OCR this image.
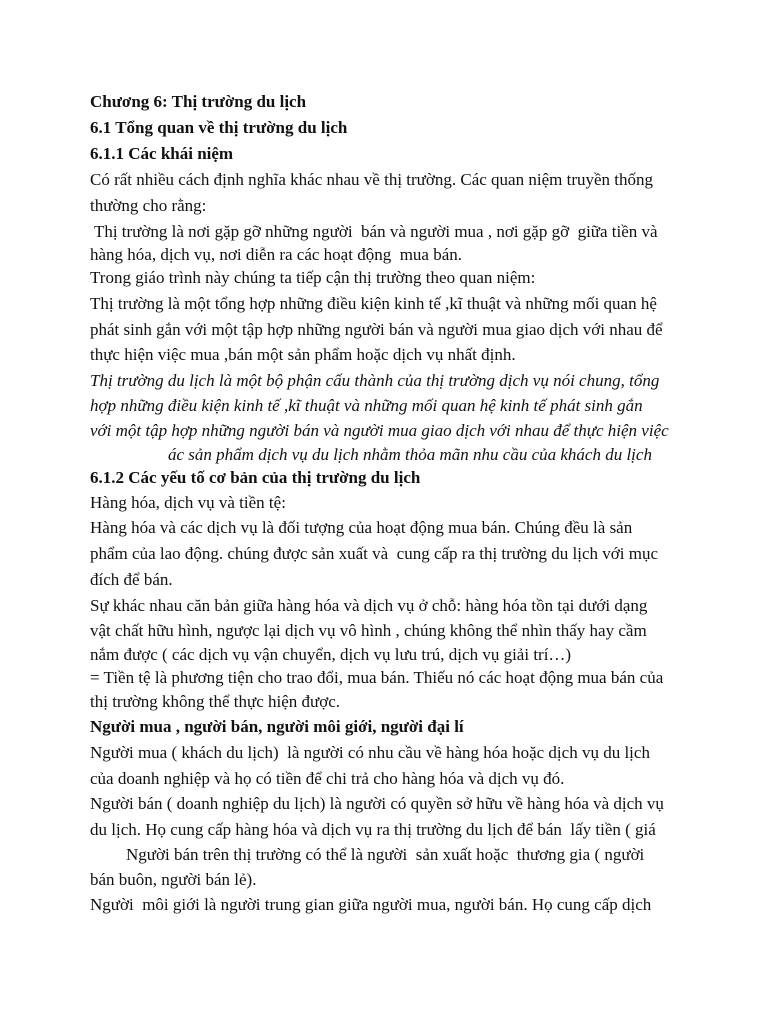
Chương 6: Thị trường du lịch
6.1 Tổng quan về thị trường du lịch
6.1.1 Các khái niệm
Có rất nhiều cách định nghĩa khác nhau về thị trường. Các quan niệm truyền thống
thường cho rằng:
Thị trường là nơi gặp gỡ những người  bán và người mua , nơi gặp gỡ  giữa tiền và
hàng hóa, dịch vụ, nơi diễn ra các hoạt động  mua bán.
Trong giáo trình này chúng ta tiếp cận thị trường theo quan niệm:
Thị trường là một tổng hợp những điều kiện kinh tế ,kĩ thuật và những mối quan hệ
phát sinh gắn với một tập hợp những người bán và người mua giao dịch với nhau để
thực hiện việc mua ,bán một sản phẩm hoặc dịch vụ nhất định.
Thị trường du lịch là một bộ phận cấu thành của thị trường dịch vụ nói chung, tổng
hợp những điều kiện kinh tế ,kĩ thuật và những mối quan hệ kinh tế phát sinh gắn
với một tập hợp những người bán và người mua giao dịch với nhau để thực hiện việc
ác sản phẩm dịch vụ du lịch nhằm thỏa mãn nhu cầu của khách du lịch
6.1.2 Các yếu tố cơ bản của thị trường du lịch
Hàng hóa, dịch vụ và tiền tệ:
Hàng hóa và các dịch vụ là đối tượng của hoạt động mua bán. Chúng đều là sản
phẩm của lao động. chúng được sản xuất và  cung cấp ra thị trường du lịch với mục
đích để bán.
Sự khác nhau căn bản giữa hàng hóa và dịch vụ ở chỗ: hàng hóa tồn tại dưới dạng
vật chất hữu hình, ngược lại dịch vụ vô hình , chúng không thể nhìn thấy hay cầm
nắm được ( các dịch vụ vận chuyển, dịch vụ lưu trú, dịch vụ giải trí…)
= Tiền tệ là phương tiện cho trao đổi, mua bán. Thiếu nó các hoạt động mua bán của
thị trường không thể thực hiện được.
Người mua , người bán, người môi giới, người đại lí
Người mua ( khách du lịch)  là người có nhu cầu về hàng hóa hoặc dịch vụ du lịch
của doanh nghiệp và họ có tiền để chi trả cho hàng hóa và dịch vụ đó.
Người bán ( doanh nghiệp du lịch) là người có quyền sở hữu về hàng hóa và dịch vụ
du lịch. Họ cung cấp hàng hóa và dịch vụ ra thị trường du lịch để bán  lấy tiền ( giá
Người bán trên thị trường có thể là người  sản xuất hoặc  thương gia ( người
bán buôn, người bán lẻ).
Người  môi giới là người trung gian giữa người mua, người bán. Họ cung cấp dịch
